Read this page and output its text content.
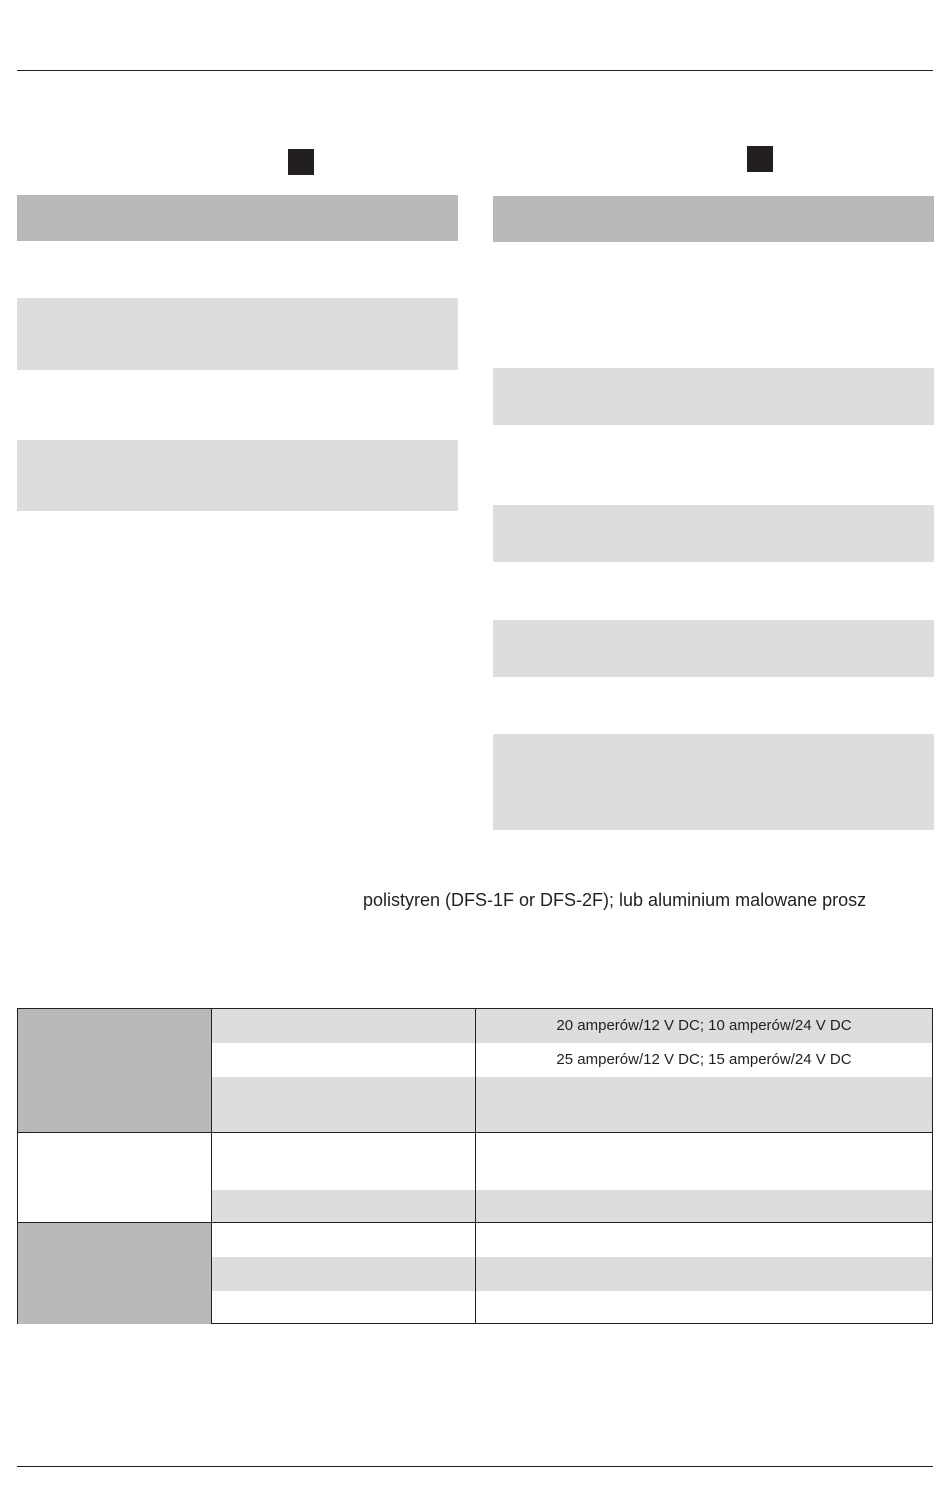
polistyren (DFS-1F or DFS-2F); lub aluminium malowane prosz
		20 amperów/12 V DC; 10 amperów/24 V DC
		25 amperów/12 V DC; 15 amperów/24 V DC
